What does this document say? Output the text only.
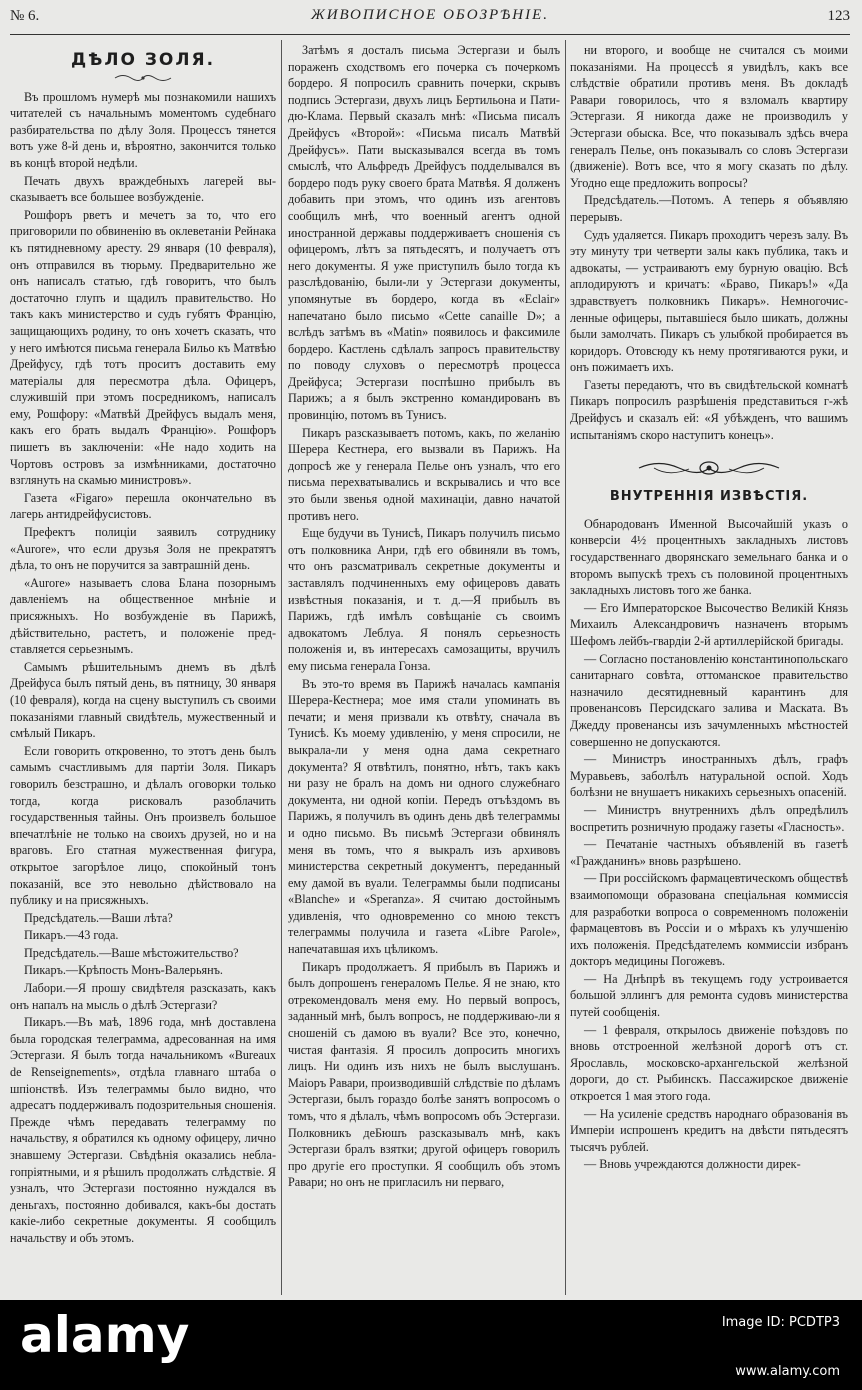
№ 6.	ЖИВОПИСНОЕ ОБОЗРѢНІЕ.	123
ДѢЛО ЗОЛЯ.

Въ прошломъ нумерѣ мы познакомили нашихъ читателей съ начальнымъ моментомъ судебнаго разбирательства по дѣлу Золя. Процессъ тянется вотъ уже 8-й день и, вѣроятно, закончится только въ концѣ второй недѣли.

Печать двухъ враждебныхъ лагерей высказываетъ все большее возбужденіе.

Рошфоръ рветъ и мечетъ за то, что его приговорили по обвиненію въ оклеветаніи Рейнака къ пятидневному аресту. 29 января (10 февраля), онъ отправился въ тюрьму. Предварительно же онъ написалъ статью, гдѣ говоритъ, что былъ достаточно глупъ и щадилъ правительство. Но такъ какъ министерство и судъ губятъ Францію, защищающихъ родину, то онъ хочетъ сказать, что у него имѣются письма генерала Бильо къ Матвѣю Дрейфусу, гдѣ тотъ проситъ доставить ему матеріалы для пересмотра дѣла. Офицеръ, служившій при этомъ посредникомъ, написалъ ему, Рошфору: «Матвѣй Дрейфусъ выдалъ меня, какъ его брать выдалъ Францію». Рошфоръ пишетъ въ заключеніи: «Не надо ходить на Чортовъ островъ за измѣнниками, достаточно взглянуть на скамью министровъ».

Газета «Figaro» перешла окончательно въ лагерь антидрейфусистовъ.

Префектъ полиціи заявилъ сотруднику «Aurore», что если друзья Золя не прекратятъ дѣла, то онъ не поручится за завтрашній день.

«Aurore» называетъ слова Блана позорнымъ давленіемъ на общественное мнѣніе и присяжныхъ. Но возбужденіе въ Парижѣ, дѣйствительно, растетъ, и положеніе представляется серьезнымъ.

Самымъ рѣшительнымъ днемъ въ дѣлѣ Дрейфуса былъ пятый день, въ пятницу, 30 января (10 февраля), когда на сцену выступилъ съ своими показаніями главный свидѣтель, мужественный и смѣлый Пикаръ.

Если говорить откровенно, то этотъ день былъ самымъ счастливымъ для партіи Золя. Пикаръ говорилъ безстрашно, и дѣлалъ оговорки только тогда, когда рисковалъ разоблачить государственныя тайны. Онъ произвелъ большое впечатлѣніе не только на своихъ друзей, но и на враговъ. Его статная мужественная фигура, открытое загорѣлое лицо, спокойный тонъ показаній, все это невольно дѣйствовало на публику и на присяжныхъ.

Предсѣдатель.—Ваши лѣта?

Пикаръ.—43 года.

Предсѣдатель.—Ваше мѣстожительство?

Пикаръ.—Крѣпость Монъ-Валерьянъ.

Лабори.—Я прошу свидѣтеля разсказать, какъ онъ напалъ на мысль о дѣлѣ Эстергази?

Пикаръ.—Въ маѣ, 1896 года, мнѣ доставлена была городская телеграмма, адресованная на имя Эстергази. Я былъ тогда начальникомъ «Bureaux de Renseignements», отдѣла главнаго штаба о шпіонствѣ. Изъ телеграммы было видно, что адресатъ поддерживалъ подозрительныя сношенія. Прежде чѣмъ передавать телеграмму по начальству, я обратился къ одному офицеру, лично знавшему Эстергази. Свѣдѣнія оказались неблагопріятными, и я рѣшилъ продолжать слѣдствіе. Я узналъ, что Эстергази постоянно нуждался въ деньгахъ, постоянно добивался, какъ-бы достать какіе-либо секретные документы. Я сообщилъ начальству и объ этомъ.

Затѣмъ я досталъ письма Эстергази и былъ пораженъ сходствомъ его почерка съ почеркомъ бордеро. Я попросилъ сравнить почерки, скрывъ подпись Эстергази, двухъ лицъ Бертильона и Пати-дю-Клама. Первый сказалъ мнѣ: «Письма писалъ Дрейфусъ «Второй»: «Письма писалъ Матвѣй Дрейфусъ». Пати высказывался всегда въ томъ смыслѣ, что Альфредъ Дрейфусъ подделывался въ бордеро подъ руку своего брата Матвѣя. Я долженъ добавить при этомъ, что одинъ изъ агентовъ сообщилъ мнѣ, что военный агентъ одной иностранной державы поддерживаетъ сношенія съ офицеромъ, лѣтъ за пятьдесятъ, и получаетъ отъ него документы. Я уже приступилъ было тогда къ разслѣдованію, были-ли у Эстергази документы, упомянутые въ бордеро, когда въ «Eclair» напечатано было письмо «Cette canaille D»; а вслѣдъ затѣмъ въ «Matin» появилось и факсимиле бордеро. Кастлень сдѣлалъ запросъ правительству по поводу слуховъ о пересмотрѣ процесса Дрейфуса; Эстергази поспѣшно прибылъ въ Парижъ; а я былъ экстренно командированъ въ провинцію, потомъ въ Тунисъ.

Пикаръ разсказываетъ потомъ, какъ, по желанію Шерера Кестнера, его вызвали въ Парижъ. На допросѣ же у генерала Пелье онъ узналъ, что его письма перехватывались и вскрывались и что все это были звенья одной махинаціи, давно начатой противъ него.

Еще будучи въ Тунисѣ, Пикаръ получилъ письмо отъ полковника Анри, гдѣ его обвиняли въ томъ, что онъ разсматривалъ секретные документы и заставлялъ подчиненныхъ ему офицеровъ давать извѣстныя показанія, и т. д.—Я прибылъ въ Парижъ, гдѣ имѣлъ совѣщаніе съ своимъ адвокатомъ Леблуа. Я понялъ серьезность положенія и, въ интересахъ самозащиты, вручилъ ему письма генерала Гонза.

Въ это-то время въ Парижѣ началась кампанія Шерера-Кестнера; мое имя стали упоминать въ печати; и меня призвали къ отвѣту, сначала въ Тунисѣ. Къ моему удивленію, у меня спросили, не выкрала-ли у меня одна дама секретнаго документа? Я отвѣтилъ, понятно, нѣтъ, такъ какъ ни разу не бралъ на домъ ни одного служебнаго документа, ни одной копіи. Передъ отъѣздомъ въ Парижъ, я получилъ въ одинъ день двѣ телеграммы и одно письмо. Въ письмѣ Эстергази обвинялъ меня въ томъ, что я выкралъ изъ архивовъ министерства секретный документъ, переданный ему дамой въ вуали. Телеграммы были подписаны «Blanche» и «Speranza». Я считаю достойнымъ удивленія, что одновременно со мною текстъ телеграммы получила и газета «Libre Parole», напечатавшая ихъ цѣликомъ.

Пикаръ продолжаетъ. Я прибылъ въ Парижъ и былъ допрошенъ генераломъ Пелье. Я не знаю, кто отрекомендовалъ меня ему. Но первый вопросъ, заданный мнѣ, былъ вопросъ, не поддерживаю-ли я сношеній съ дамою въ вуали? Все это, конечно, чистая фантазія. Я просилъ допросить многихъ лицъ. Ни одинъ изъ нихъ не былъ выслушанъ. Маіоръ Равари, производившій слѣдствіе по дѣламъ Эстергази, былъ гораздо болѣе занятъ вопросомъ о томъ, что я дѣлалъ, чѣмъ вопросомъ объ Эстергази. Полковникъ деБюшъ разсказывалъ мнѣ, какъ Эстергази бралъ взятки; другой офицеръ говорилъ про другіе его проступки. Я сообщилъ объ этомъ Равари; но онъ не пригласилъ ни перваго,

ни второго, и вообще не считался съ моими показаніями. На процессѣ я увидѣлъ, какъ все слѣдствіе обратили противъ меня. Въ докладѣ Равари говорилось, что я взломалъ квартиру Эстергази. Я никогда даже не производилъ у Эстергази обыска. Все, что показывалъ здѣсь вчера генералъ Пелье, онъ показывалъ со словъ Эстергази (движеніе). Вотъ все, что я могу сказать по дѣлу. Угодно еще предложить вопросы?

Предсѣдатель.—Потомъ. А теперь я объявляю перерывъ.

Судъ удаляется. Пикаръ проходитъ черезъ залу. Въ эту минуту три четверти залы какъ публика, такъ и адвокаты, — устраиваютъ ему бурную овацію. Всѣ аплодируютъ и кричатъ: «Браво, Пикаръ!» «Да здравствуетъ полковникъ Пикаръ». Немногочисленные офицеры, пытавшіеся было шикать, должны были замолчать. Пикаръ съ улыбкой пробирается въ коридоръ. Отовсюду къ нему протягиваются руки, и онъ пожимаетъ ихъ.

Газеты передаютъ, что въ свидѣтельской комнатѣ Пикаръ попросилъ разрѣшенія представиться г-жѣ Дрейфусъ и сказалъ ей: «Я убѣжденъ, что вашимъ испытаніямъ скоро наступитъ конецъ».

ВНУТРЕННІЯ ИЗВѢСТІЯ.

Обнародованъ Именной Высочайшій указъ о конверсіи 4½ процентныхъ закладныхъ листовъ государственнаго дворянскаго земельнаго банка и о второмъ выпускѣ трехъ съ половиной процентныхъ закладныхъ листовъ того же банка.

— Его Императорское Высочество Великій Князь Михаилъ Александровичъ назначенъ вторымъ Шефомъ лейбъ-гвардіи 2-й артиллерійской бригады.

— Согласно постановленію константинопольскаго санитарнаго совѣта, оттоманское правительство назначило десятидневный карантинъ для провенансовъ Персидскаго залива и Маската. Въ Джедду провенансы изъ зачумленныхъ мѣстностей совершенно не допускаются.

— Министръ иностранныхъ дѣлъ, графъ Муравьевъ, заболѣлъ натуральной оспой. Ходъ болѣзни не внушаетъ никакихъ серьезныхъ опасеній.

— Министръ внутреннихъ дѣлъ опредѣлилъ воспретить розничную продажу газеты «Гласность».

— Печатаніе частныхъ объявленій въ газетѣ «Гражданинъ» вновь разрѣшено.

— При россійскомъ фармацевтическомъ обществѣ взаимопомощи образована спеціальная коммиссія для разработки вопроса о современномъ положеніи фармацевтовъ въ Россіи и о мѣрахъ къ улучшенію ихъ положенія. Предсѣдателемъ коммиссіи избранъ докторъ медицины Погожевъ.

— На Днѣпрѣ въ текущемъ году устроивается большой эллингъ для ремонта судовъ министерства путей сообщенія.

— 1 февраля, открылось движеніе поѣздовъ по вновь отстроенной желѣзной дорогѣ отъ ст. Ярославль, московско-архангельской желѣзной дороги, до ст. Рыбинскъ. Пассажирское движеніе откроется 1 мая этого года.

— На усиленіе средствъ народнаго образованія въ Имперіи испрошенъ кредитъ на двѣсти пятьдесятъ тысячъ рублей.

— Вновь учреждаются должности дирек-

alamy	Image ID: PCDTP3
www.alamy.com
